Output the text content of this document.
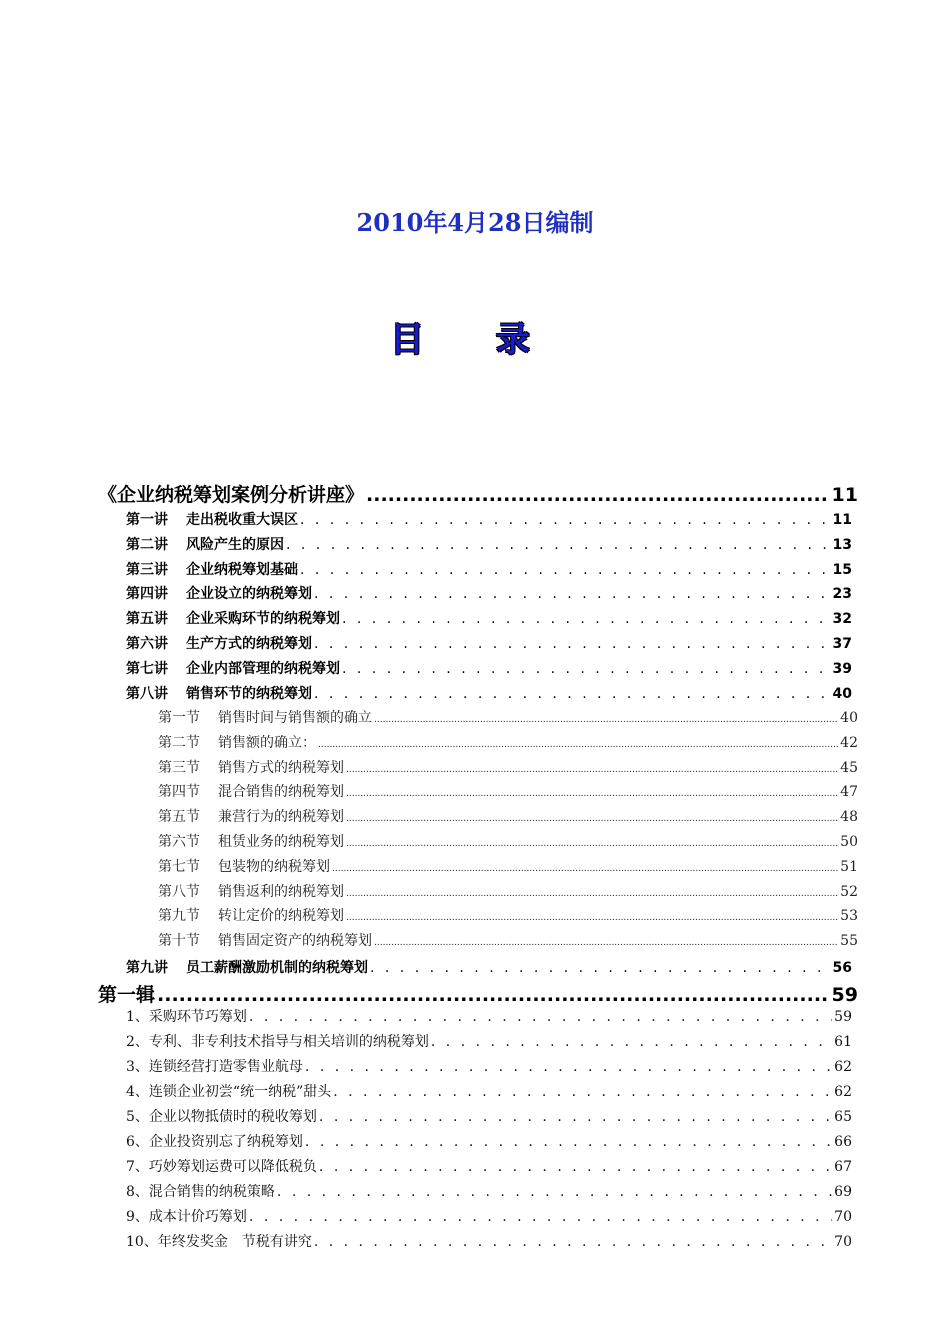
2010年4月28日编制
目 录
《企业纳税筹划案例分析讲座》 .....	11
第一讲 走出税收重大误区 . . .	11
第二讲 风险产生的原因 . . .	13
第三讲 企业纳税筹划基础 . . .	15
第四讲 企业设立的纳税筹划 . . .	23
第五讲 企业采购环节的纳税筹划 . . .	32
第六讲 生产方式的纳税筹划 . . .	37
第七讲 企业内部管理的纳税筹划 . . .	39
第八讲 销售环节的纳税筹划 . . .	40
第一节 销售时间与销售额的确立 .....	40
第二节 销售额的确立： .....	42
第三节 销售方式的纳税筹划 .....	45
第四节 混合销售的纳税筹划 .....	47
第五节 兼营行为的纳税筹划 .....	48
第六节 租赁业务的纳税筹划 .....	50
第七节 包装物的纳税筹划 .....	51
第八节 销售返利的纳税筹划 .....	52
第九节 转让定价的纳税筹划 .....	53
第十节 销售固定资产的纳税筹划 .....	55
第九讲 员工薪酬激励机制的纳税筹划 . . .	56
第一辑 .....	59
1、采购环节巧筹划 . . .	59
2、专利、非专利技术指导与相关培训的纳税筹划 . . .	61
3、连锁经营打造零售业航母 . . .	62
4、连锁企业初尝“统一纳税”甜头 . . .	62
5、企业以物抵债时的税收筹划 . . .	65
6、企业投资别忘了纳税筹划 . . .	66
7、巧妙筹划运费可以降低税负 . . .	67
8、混合销售的纳税策略 . . .	69
9、成本计价巧筹划 . . .	70
10、年终发奖金　节税有讲究 . . .	70
